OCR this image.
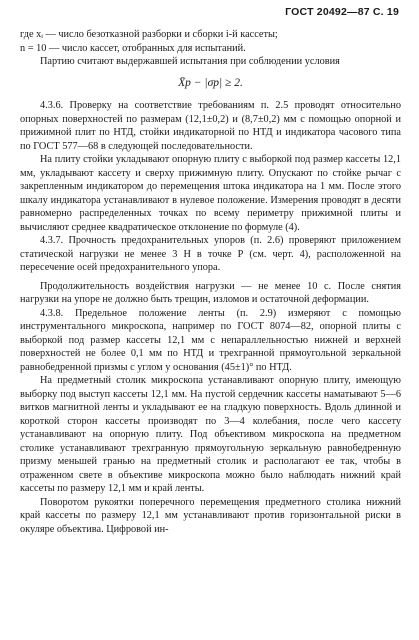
ГОСТ 20492—87 С. 19

где xᵢ — число безотказной разборки и сборки i-й кассеты;

n = 10 — число кассет, отобранных для испытаний.

Партию считают выдержавшей испытания при соблюдении условия

X̄p − |σp| ≥ 2.

4.3.6. Проверку на соответствие требованиям п. 2.5 проводят относительно опорных поверхностей по размерам (12,1±0,2) и (8,7±0,2) мм с помощью опорной и прижимной плит по НТД, стойки индикаторной по НТД и индикатора часового типа по ГОСТ 577—68 в следующей последовательности.

На плиту стойки укладывают опорную плиту с выборкой под размер кассеты 12,1 мм, укладывают кассету и сверху прижимную плиту. Опускают по стойке рычаг с закрепленным индикатором до перемещения штока индикатора на 1 мм. После этого шкалу индикатора устанавливают в нулевое положение. Измерения проводят в десяти равномерно распределенных точках по всему периметру прижимной плиты и вычисляют среднее квадратическое отклонение по формуле (4).

4.3.7. Прочность предохранительных упоров (п. 2.6) проверяют приложением статической нагрузки не менее 3 Н в точке Р (см. черт. 4), расположенной на пересечение осей предохранительного упора.

Продолжительность воздействия нагрузки — не менее 10 с. После снятия нагрузки на упоре не должно быть трещин, изломов и остаточной деформации.

4.3.8. Предельное положение ленты (п. 2.9) измеряют с помощью инструментального микроскопа, например по ГОСТ 8074—82, опорной плиты с выборкой под размер кассеты 12,1 мм с непараллельностью нижней и верхней поверхностей не более 0,1 мм по НТД и трехгранной прямоугольной зеркальной равнобедренной призмы с углом у основания (45±1)° по НТД.

На предметный столик микроскопа устанавливают опорную плиту, имеющую выборку под выступ кассеты 12,1 мм. На пустой сердечник кассеты наматывают 5—6 витков магнитной ленты и укладывают ее на гладкую поверхность. Вдоль длинной и короткой сторон кассеты производят по 3—4 колебания, после чего кассету устанавливают на опорную плиту. Под объективом микроскопа на предметном столике устанавливают трехгранную прямоугольную зеркальную равнобедренную призму меньшей гранью на предметный столик и располагают ее так, чтобы в отраженном свете в объективе микроскопа можно было наблюдать нижний край кассеты по размеру 12,1 мм и край ленты.

Поворотом рукоятки поперечного перемещения предметного столика нижний край кассеты по размеру 12,1 мм устанавливают против горизонтальной риски в окуляре объектива. Цифровой ин-
